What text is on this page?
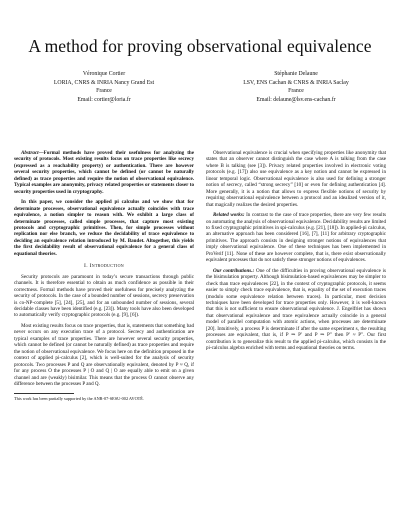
A method for proving observational equivalence
Véronique Cortier
LORIA, CNRS & INRIA Nancy Grand Est
France
Email: cortier@loria.fr
Stéphanie Delaune
LSV, ENS Cachan & CNRS & INRIA Saclay
France
Email: delaune@lsv.ens-cachan.fr

Abstract—Formal methods have proved their usefulness for analyzing the security of protocols. Most existing results focus on trace properties like secrecy (expressed as a reachability property) or authentication. There are however several security properties, which cannot be defined (or cannot be naturally defined) as trace properties and require the notion of observational equivalence. Typical examples are anonymity, privacy related properties or statements closer to security properties used in cryptography.

In this paper, we consider the applied pi calculus and we show that for determinate processes, observational equivalence actually coincides with trace equivalence, a notion simpler to reason with. We exhibit a large class of determinate processes, called simple processes, that capture most existing protocols and cryptographic primitives. Then, for simple processes without replication nor else branch, we reduce the decidability of trace equivalence to deciding an equivalence relation introduced by M. Baudet. Altogether, this yields the first decidability result of observational equivalence for a general class of equational theories.

I. Introduction

Security protocols are paramount in today’s secure transactions through public channels. It is therefore essential to obtain as much confidence as possible in their correctness. Formal methods have proved their usefulness for precisely analyzing the security of protocols. In the case of a bounded number of sessions, secrecy preservation is co-NP-complete [5], [24], [25], and for an unbounded number of sessions, several decidable classes have been identified (e.g. [23]). Many tools have also been developed to automatically verify cryptographic protocols (e.g. [9], [6]).

Most existing results focus on trace properties, that is, statements that something bad never occurs on any execution trace of a protocol. Secrecy and authentication are typical examples of trace properties. There are however several security properties, which cannot be defined (or cannot be naturally defined) as trace properties and require the notion of observational equivalence. We focus here on the definition proposed in the context of applied pi-calculus [2], which is well-suited for the analysis of security protocols. Two processes P and Q are observationally equivalent, denoted by P ≈ Q, if for any process O the processes P | O and Q | O are equally able to emit on a given channel and are (weakly) bisimilar. This means that the process O cannot observe any difference between the processes P and Q.

This work has been partially supported by the ANR-07-SESU-002 AVOTÉ.

Observational equivalence is crucial when specifying properties like anonymity that states that an observer cannot distinguish the case where A is talking from the case where B is talking (see [3]). Privacy related properties involved in electronic voting protocols (e.g. [17]) also use equivalence as a key notion and cannot be expressed in linear temporal logic. Observational equivalence is also used for defining a stronger notion of secrecy, called “strong secrecy” [10] or even for defining authentication [4]. More generally, it is a notion that allows to express flexible notions of security by requiring observational equivalence between a protocol and an idealized version of it, that magically realizes the desired properties.

Related works: In contrast to the case of trace properties, there are very few results on automating the analysis of observational equivalence. Decidability results are limited to fixed cryptographic primitives in spi-calculus (e.g. [21], [18]). In applied-pi calculus, an alternative approach has been considered [16], [7], [11] for arbitrary cryptographic primitives. The approach consists in designing stronger notions of equivalences that imply observational equivalence. One of these techniques has been implemented in ProVerif [11]. None of these are however complete, that is, there exist observationally equivalent processes that do not satisfy these stronger notions of equivalences.

Our contributions.: One of the difficulties in proving observational equivalence is the bisimulation property. Although bisimulation-based equivalences may be simpler to check than trace equivalences [22], in the context of cryptographic protocols, it seems easier to simply check trace equivalence, that is, equality of the set of execution traces (modulo some equivalence relation between traces). In particular, most decision techniques have been developed for trace properties only. However, it is well-known that this is not sufficient to ensure observational equivalence. J. Engelfriet has shown that observational equivalence and trace equivalence actually coincide in a general model of parallel computation with atomic actions, when processes are determinate [20]. Intuitively, a process P is determinate if after the same experiment s, the resulting processes are equivalent, that is, if P ⇒ P′ and P ⇒ P″ then P′ ≈ P″. Our first contribution is to generalize this result to the applied pi-calculus, which consists in the pi-calculus algebra enriched with terms and equational theories on terms.
